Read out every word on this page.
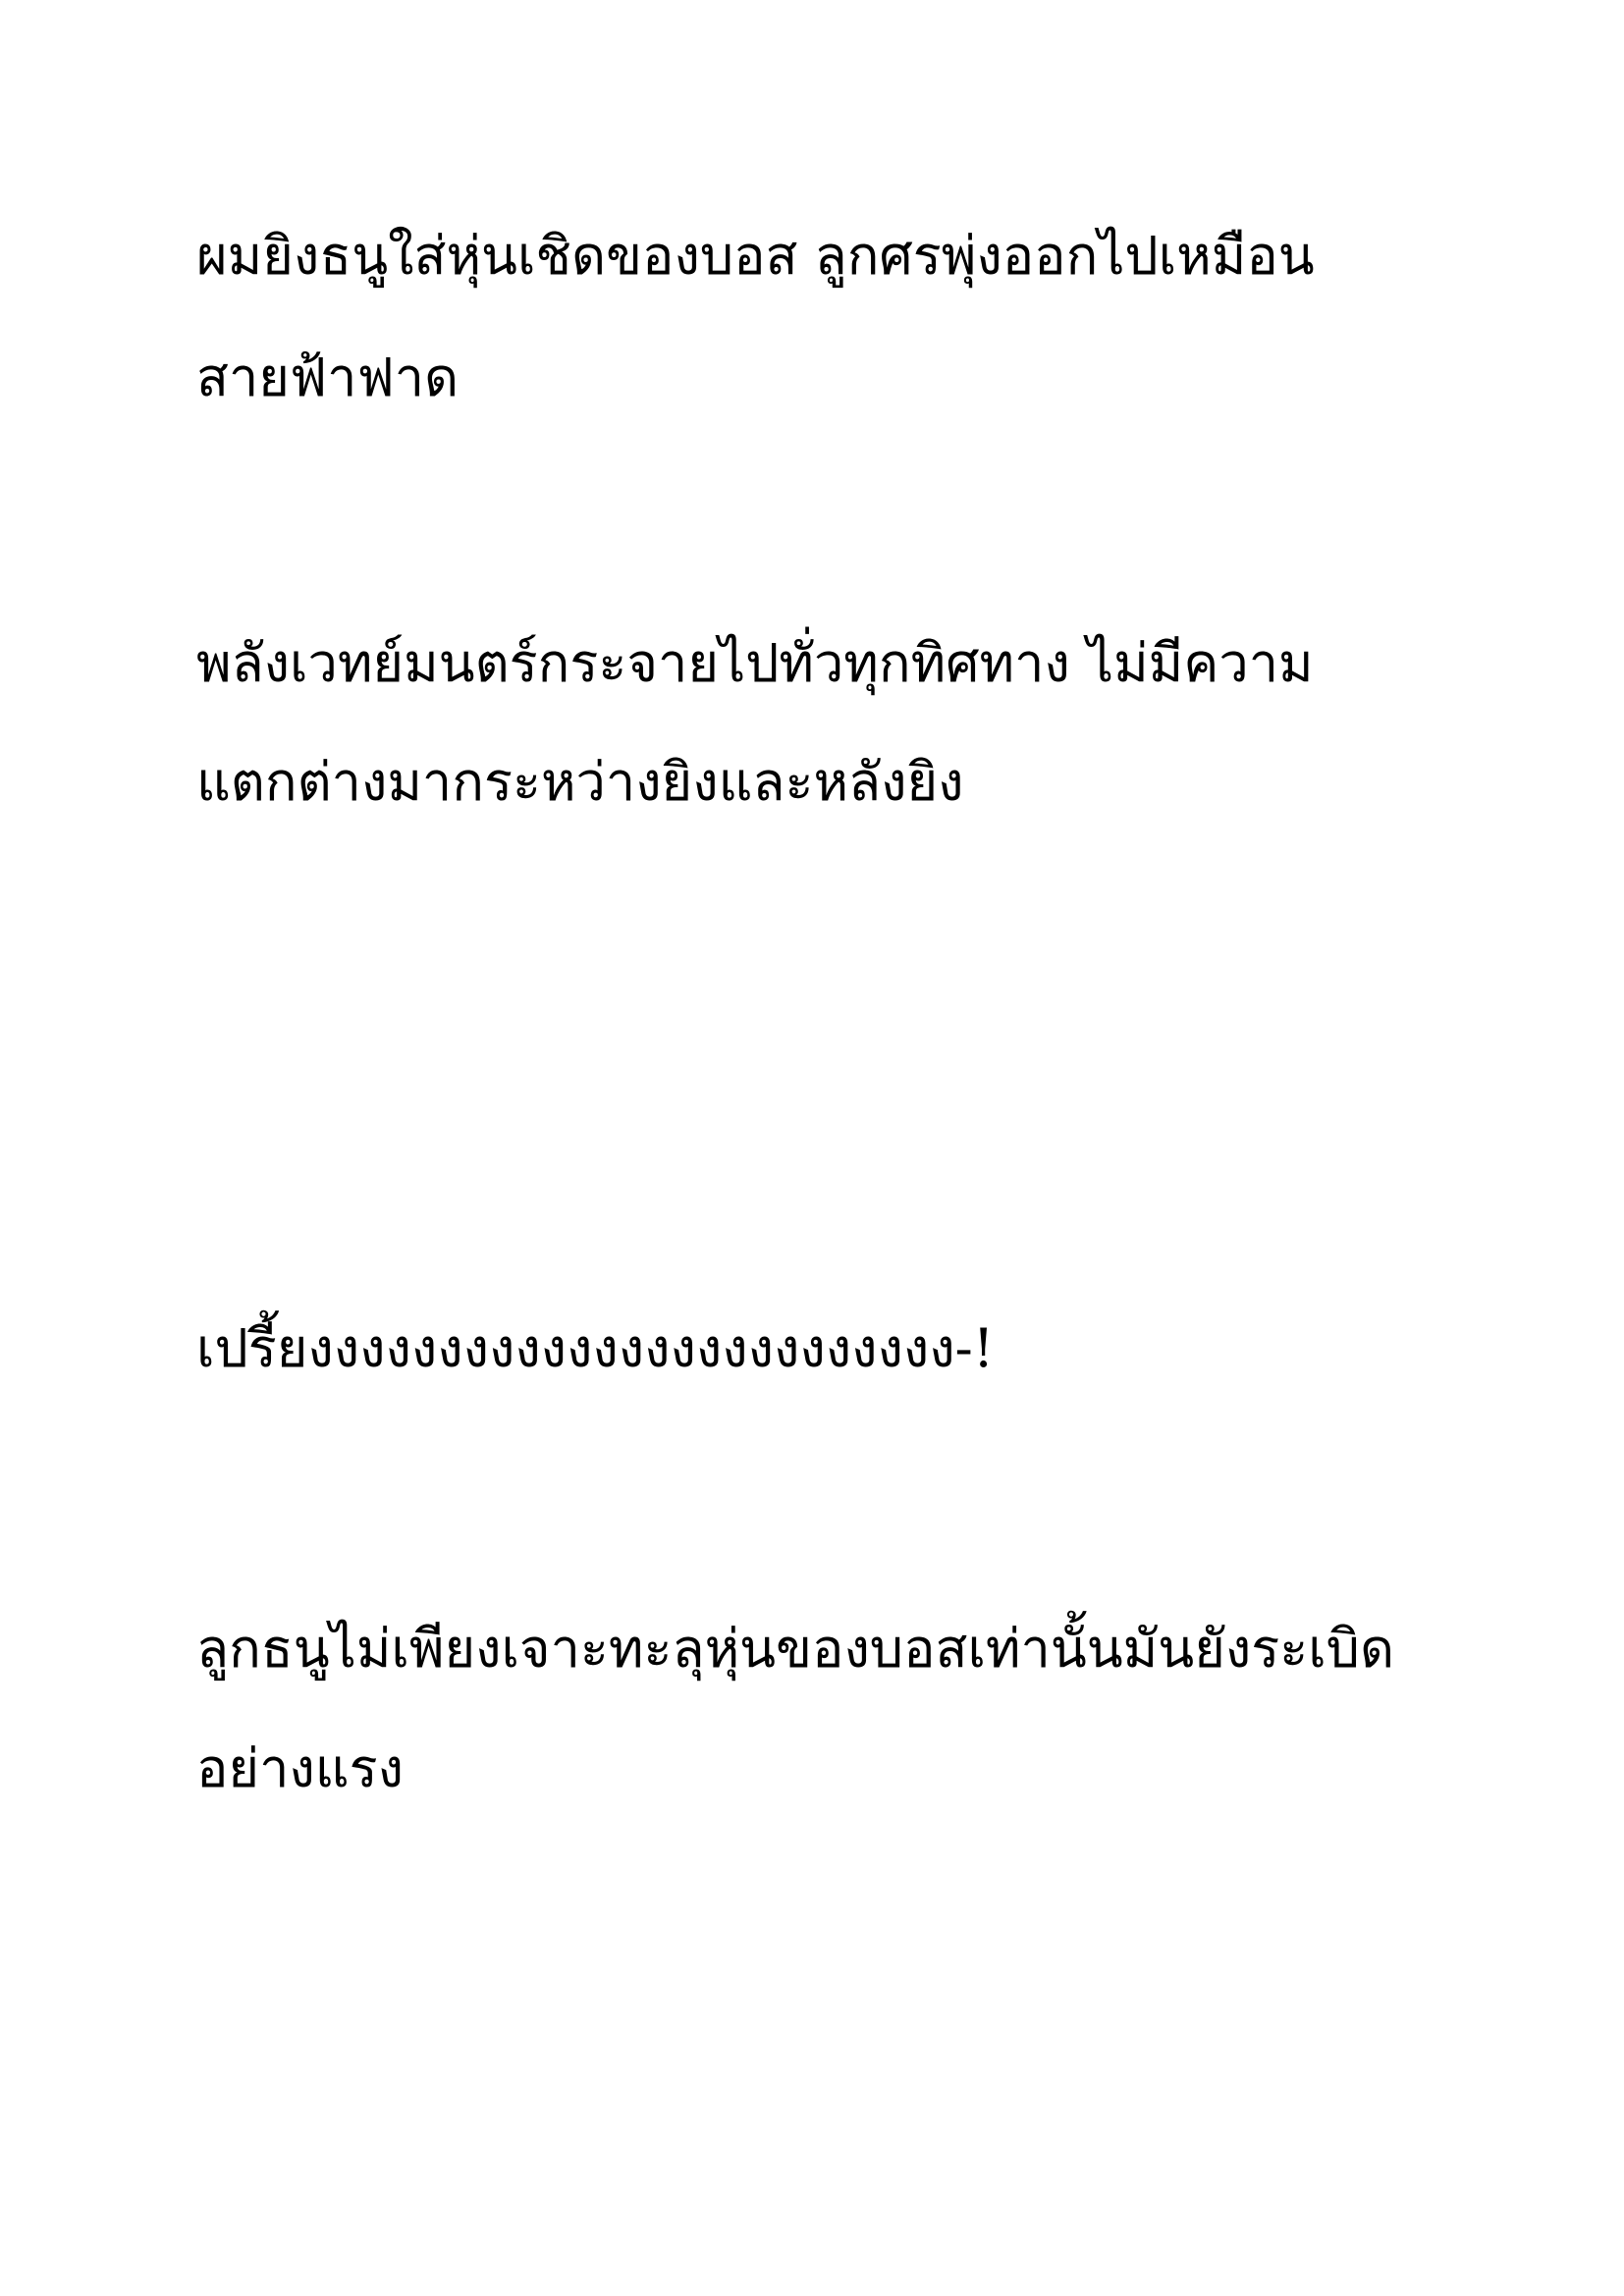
ผมยิงธนูใส่หุ่นเชิดของบอส ลูกศรพุ่งออกไปเหมือน

สายฟ้าฟาด

พลังเวทย์มนตร์กระจายไปทั่วทุกทิศทาง ไม่มีความ

แตกต่างมากระหว่างยิงและหลังยิง

เปรี้ยงงงงงงงงงงงงงงงงงงงงงงงงง-!

ลูกธนูไม่เพียงเจาะทะลุหุ่นของบอสเท่านั้นมันยังระเบิด

อย่างแรง
